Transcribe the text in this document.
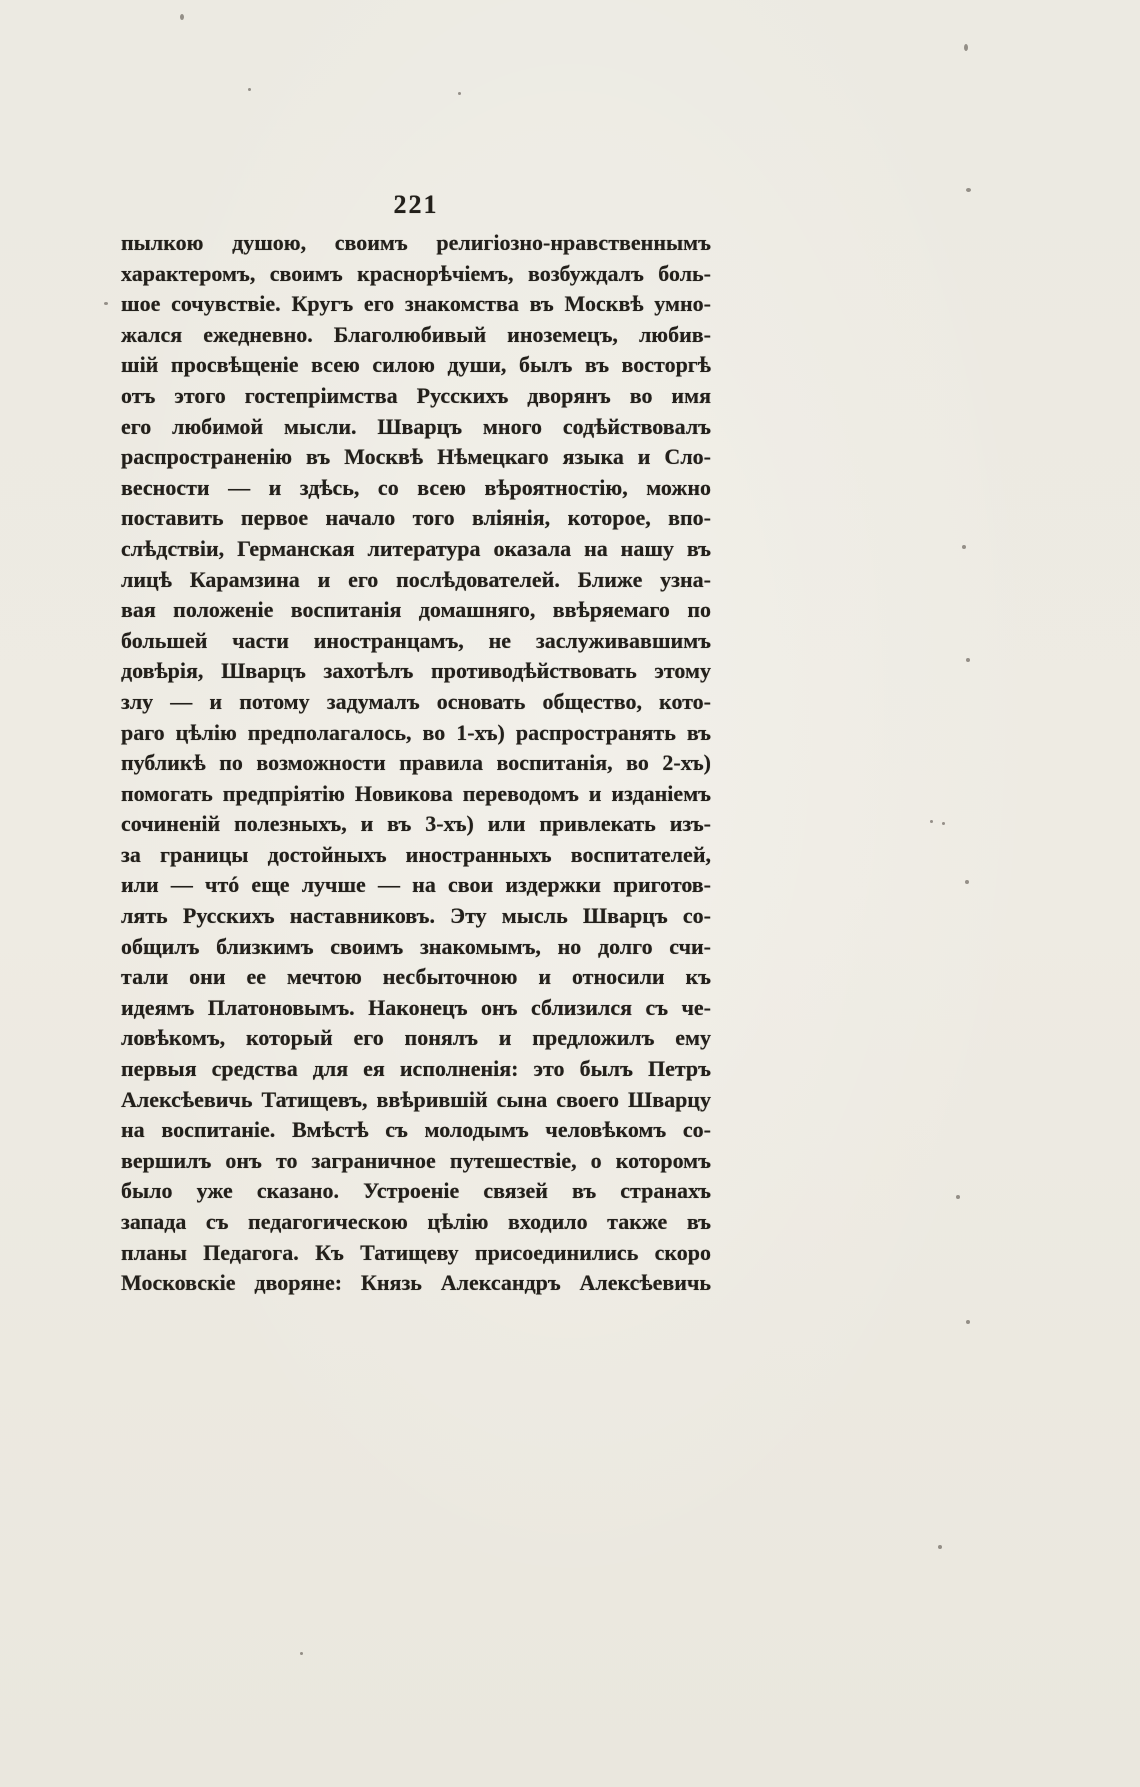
221
пылкою душою, своимъ религіозно-нравственнымъ
характеромъ, своимъ краснорѣчіемъ, возбуждалъ боль-
шое сочувствіе. Кругъ его знакомства въ Москвѣ умно-
жался ежедневно. Благолюбивый иноземецъ, любив-
шій просвѣщеніе всею силою души, былъ въ восторгѣ
отъ этого гостепріимства Русскихъ дворянъ во имя
его любимой мысли. Шварцъ много содѣйствовалъ
распространенію въ Москвѣ Нѣмецкаго языка и Сло-
весности — и здѣсь, со всею вѣроятностію, можно
поставить первое начало того вліянія, которое, впо-
слѣдствіи, Германская литература оказала на нашу въ
лицѣ Карамзина и его послѣдователей. Ближе узна-
вая положеніе воспитанія домашняго, ввѣряемаго по
большей части иностранцамъ, не заслуживавшимъ
довѣрія, Шварцъ захотѣлъ противодѣйствовать этому
злу — и потому задумалъ основать общество, кото-
раго цѣлію предполагалось, во 1-хъ) распространять въ
публикѣ по возможности правила воспитанія, во 2-хъ)
помогать предпріятію Новикова переводомъ и изданіемъ
сочиненій полезныхъ, и въ 3-хъ) или привлекать изъ-
за границы достойныхъ иностранныхъ воспитателей,
или — чтó еще лучше — на свои издержки приготов-
лять Русскихъ наставниковъ. Эту мысль Шварцъ со-
общилъ близкимъ своимъ знакомымъ, но долго счи-
тали они ее мечтою несбыточною и относили къ
идеямъ Платоновымъ. Наконецъ онъ сблизился съ че-
ловѣкомъ, который его понялъ и предложилъ ему
первыя средства для ея исполненія: это былъ Петръ
Алексѣевичь Татищевъ, ввѣрившій сына своего Шварцу
на воспитаніе. Вмѣстѣ съ молодымъ человѣкомъ со-
вершилъ онъ то заграничное путешествіе, о которомъ
было уже сказано. Устроеніе связей въ странахъ
запада съ педагогическою цѣлію входило также въ
планы Педагога. Къ Татищеву присоединились скоро
Московскіе дворяне: Князь Александръ Алексѣевичь
